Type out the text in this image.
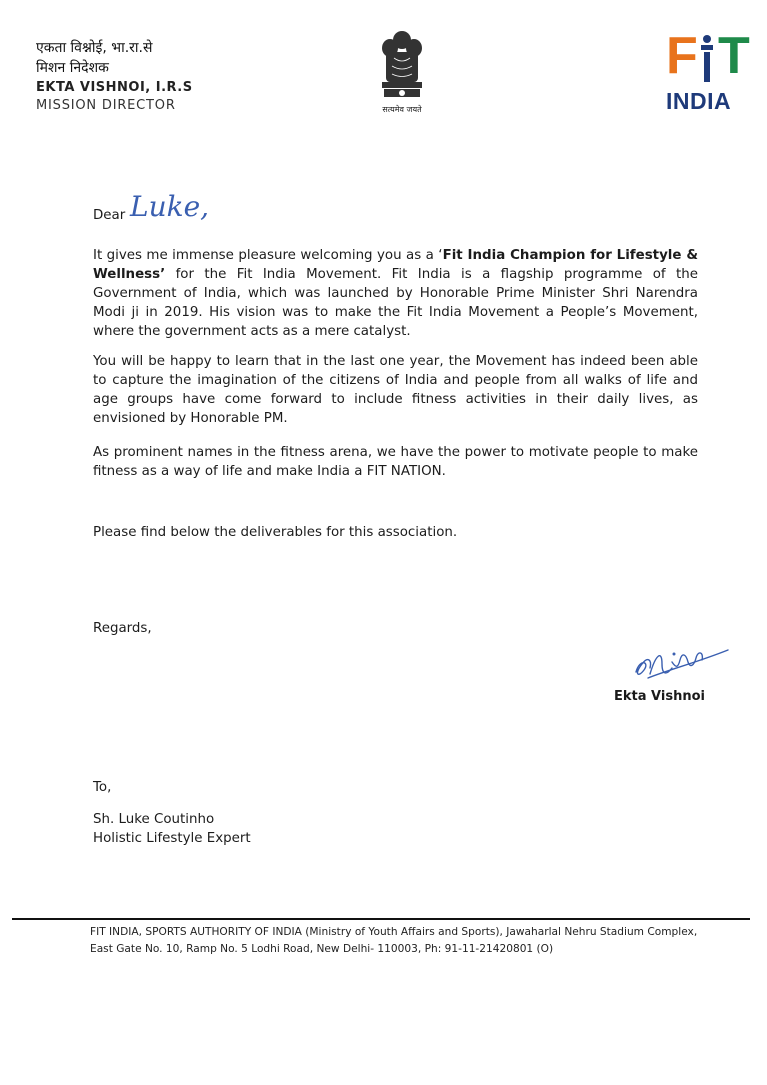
एकता विश्नोई, भा.रा.से
मिशन निदेशक
EKTA VISHNOI, I.R.S
MISSION DIRECTOR	सत्यमेव जयते
F T
INDIA
Dear Luke,
It gives me immense pleasure welcoming you as a ‘Fit India Champion for Lifestyle & Wellness’ for the Fit India Movement. Fit India is a flagship programme of the Government of India, which was launched by Honorable Prime Minister Shri Narendra Modi ji in 2019. His vision was to make the Fit India Movement a People’s Movement, where the government acts as a mere catalyst.
You will be happy to learn that in the last one year, the Movement has indeed been able to capture the imagination of the citizens of India and people from all walks of life and age groups have come forward to include fitness activities in their daily lives, as envisioned by Honorable PM.
As prominent names in the fitness arena, we have the power to motivate people to make fitness as a way of life and make India a FIT NATION.
Please find below the deliverables for this association.
Regards,
Ekta Vishnoi
To,
Sh. Luke Coutinho
Holistic Lifestyle Expert
FIT INDIA, SPORTS AUTHORITY OF INDIA (Ministry of Youth Affairs and Sports), Jawaharlal Nehru Stadium Complex,
East Gate No. 10, Ramp No. 5 Lodhi Road, New Delhi- 110003, Ph: 91-11-21420801 (O)
